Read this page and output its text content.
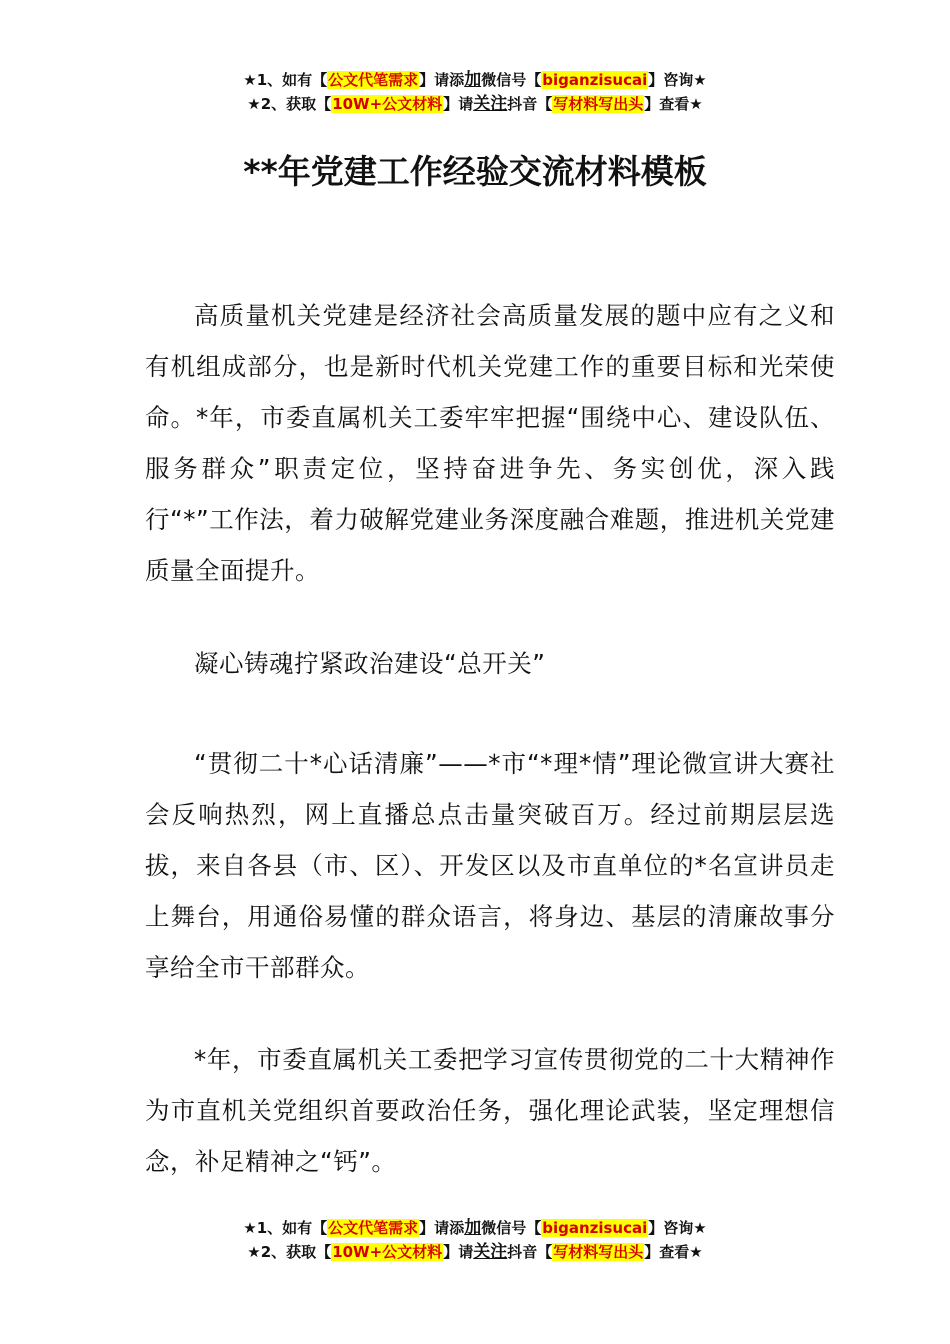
★1、如有【公文代笔需求】请添加微信号【biganzisucai】咨询★
★2、获取【10W+公文材料】请关注抖音【写材料写出头】查看★
**年党建工作经验交流材料模板

高质量机关党建是经济社会高质量发展的题中应有之义和有机组成部分，也是新时代机关党建工作的重要目标和光荣使命。*年，市委直属机关工委牢牢把握“围绕中心、建设队伍、服务群众”职责定位，坚持奋进争先、务实创优，深入践行“*”工作法，着力破解党建业务深度融合难题，推进机关党建质量全面提升。

凝心铸魂拧紧政治建设“总开关”

“贯彻二十*心话清廉”——*市“*理*情”理论微宣讲大赛社会反响热烈，网上直播总点击量突破百万。经过前期层层选拔，来自各县（市、区）、开发区以及市直单位的*名宣讲员走上舞台，用通俗易懂的群众语言，将身边、基层的清廉故事分享给全市干部群众。

*年，市委直属机关工委把学习宣传贯彻党的二十大精神作为市直机关党组织首要政治任务，强化理论武装，坚定理想信念，补足精神之“钙”。

★1、如有【公文代笔需求】请添加微信号【biganzisucai】咨询★
★2、获取【10W+公文材料】请关注抖音【写材料写出头】查看★
